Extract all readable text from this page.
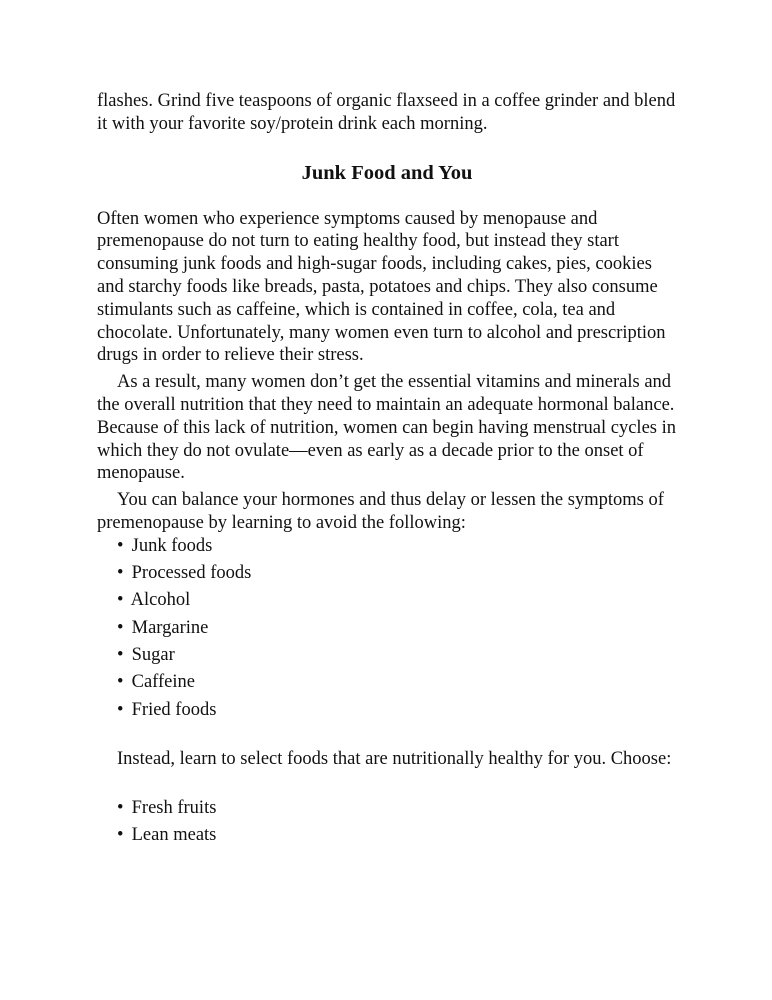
flashes. Grind five teaspoons of organic flaxseed in a coffee grinder and blend it with your favorite soy/protein drink each morning.

Junk Food and You

Often women who experience symptoms caused by menopause and premenopause do not turn to eating healthy food, but instead they start consuming junk foods and high-sugar foods, including cakes, pies, cookies and starchy foods like breads, pasta, potatoes and chips. They also consume stimulants such as caffeine, which is contained in coffee, cola, tea and chocolate. Unfortunately, many women even turn to alcohol and prescription drugs in order to relieve their stress.

As a result, many women don’t get the essential vitamins and minerals and the overall nutrition that they need to maintain an adequate hormonal balance. Because of this lack of nutrition, women can begin having menstrual cycles in which they do not ovulate—even as early as a decade prior to the onset of menopause.

You can balance your hormones and thus delay or lessen the symptoms of premenopause by learning to avoid the following:

• Junk foods
• Processed foods
• Alcohol
• Margarine
• Sugar
• Caffeine
• Fried foods

Instead, learn to select foods that are nutritionally healthy for you. Choose:

• Fresh fruits
• Lean meats
